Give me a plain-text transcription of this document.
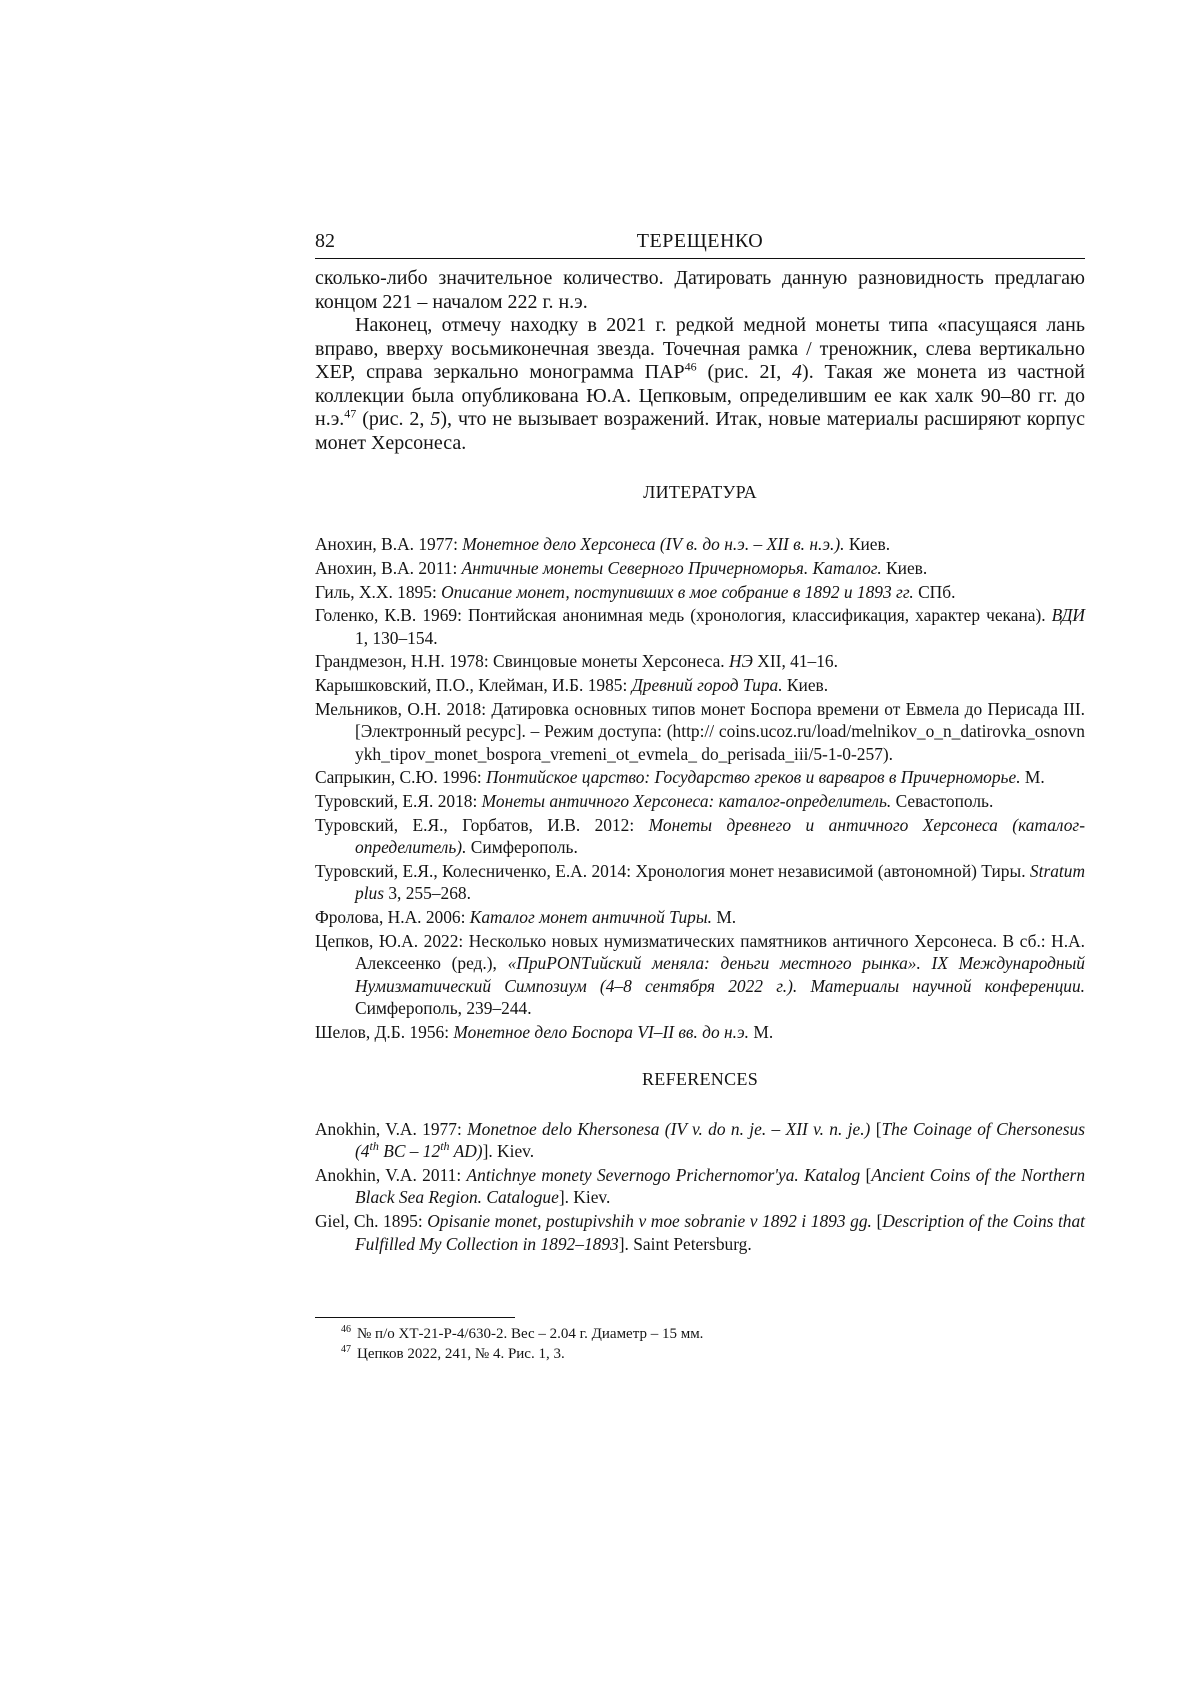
82	ТЕРЕЩЕНКО

сколько-либо значительное количество. Датировать данную разновидность предлагаю концом 221 – началом 222 г. н.э.

Наконец, отмечу находку в 2021 г. редкой медной монеты типа «пасущаяся лань вправо, вверху восьмиконечная звезда. Точечная рамка / треножник, слева вертикально ХЕР, справа зеркально монограмма ПАР$^{46}$ (рис. 2I, 4). Такая же монета из частной коллекции была опубликована Ю.А. Цепковым, определившим ее как халк 90–80 гг. до н.э.$^{47}$ (рис. 2, 5), что не вызывает возражений. Итак, новые материалы расширяют корпус монет Херсонеса.

ЛИТЕРАТУРА
Анохин, В.А. 1977: Монетное дело Херсонеса (IV в. до н.э. – XII в. н.э.). Киев.
Анохин, В.А. 2011: Античные монеты Северного Причерноморья. Каталог. Киев.
Гиль, Х.Х. 1895: Описание монет, поступивших в мое собрание в 1892 и 1893 гг. СПб.
Голенко, К.В. 1969: Понтийская анонимная медь (хронология, классификация, характер чекана). ВДИ 1, 130–154.
Грандмезон, Н.Н. 1978: Свинцовые монеты Херсонеса. НЭ XII, 41–16.
Карышковский, П.О., Клейман, И.Б. 1985: Древний город Тира. Киев.
Мельников, О.Н. 2018: Датировка основных типов монет Боспора времени от Евмела до Перисада III. [Электронный ресурс]. – Режим доступа: (http:// coins.ucoz.ru/load/melnikov_o_n_datirovka_osnovnykh_tipov_monet_bospora_vremeni_ot_evmela_ do_perisada_iii/5-1-0-257).
Сапрыкин, С.Ю. 1996: Понтийское царство: Государство греков и варваров в Причерноморье. М.
Туровский, Е.Я. 2018: Монеты античного Херсонеса: каталог-определитель. Севастополь.
Туровский, Е.Я., Горбатов, И.В. 2012: Монеты древнего и античного Херсонеса (каталог-определитель). Симферополь.
Туровский, Е.Я., Колесниченко, Е.А. 2014: Хронология монет независимой (автономной) Тиры. Stratum plus 3, 255–268.
Фролова, Н.А. 2006: Каталог монет античной Тиры. М.
Цепков, Ю.А. 2022: Несколько новых нумизматических памятников античного Херсонеса. В сб.: Н.А. Алексеенко (ред.), «ПриPONTийский меняла: деньги местного рынка». IX Международный Нумизматический Симпозиум (4–8 сентября 2022 г.). Материалы научной конференции. Симферополь, 239–244.
Шелов, Д.Б. 1956: Монетное дело Боспора VI–II вв. до н.э. М.
REFERENCES
Anokhin, V.A. 1977: Monetnoe delo Khersonesa (IV v. do n. je. – XII v. n. je.) [The Coinage of Chersonesus (4th BC – 12th AD)]. Kiev.
Anokhin, V.A. 2011: Antichnye monety Severnogo Prichernomor'ya. Katalog [Ancient Coins of the Northern Black Sea Region. Catalogue]. Kiev.
Giel, Ch. 1895: Opisanie monet, postupivshih v moe sobranie v 1892 i 1893 gg. [Description of the Coins that Fulfilled My Collection in 1892–1893]. Saint Petersburg.
$^{46}$ № п/о ХТ-21-Р-4/630-2. Вес – 2.04 г. Диаметр – 15 мм.
$^{47}$ Цепков 2022, 241, № 4. Рис. 1, 3.
